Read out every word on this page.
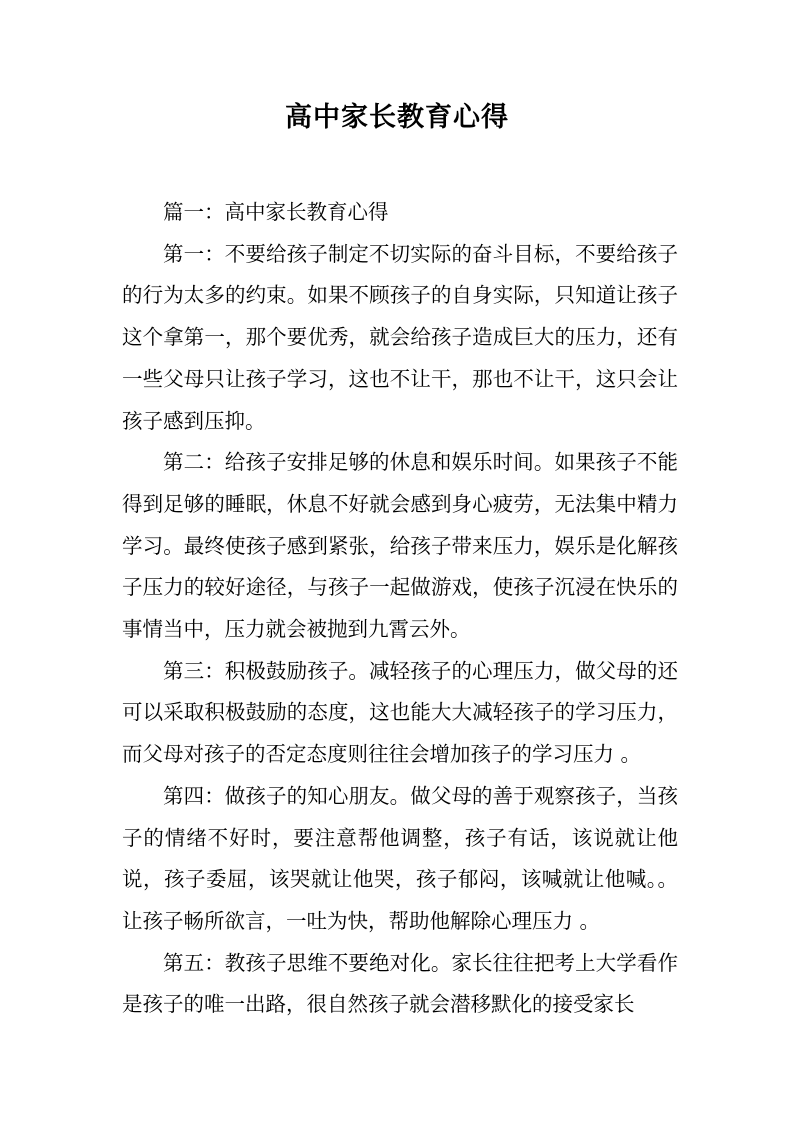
高中家长教育心得

篇一：高中家长教育心得

第一：不要给孩子制定不切实际的奋斗目标，不要给孩子的行为太多的约束。如果不顾孩子的自身实际，只知道让孩子这个拿第一，那个要优秀，就会给孩子造成巨大的压力，还有一些父母只让孩子学习，这也不让干，那也不让干，这只会让孩子感到压抑。

第二：给孩子安排足够的休息和娱乐时间。如果孩子不能得到足够的睡眠，休息不好就会感到身心疲劳，无法集中精力学习。最终使孩子感到紧张，给孩子带来压力，娱乐是化解孩子压力的较好途径，与孩子一起做游戏，使孩子沉浸在快乐的事情当中，压力就会被抛到九霄云外。

第三：积极鼓励孩子。减轻孩子的心理压力，做父母的还可以采取积极鼓励的态度，这也能大大减轻孩子的学习压力，而父母对孩子的否定态度则往往会增加孩子的学习压力 。

第四：做孩子的知心朋友。做父母的善于观察孩子，当孩子的情绪不好时，要注意帮他调整，孩子有话，该说就让他说，孩子委屈，该哭就让他哭，孩子郁闷，该喊就让他喊。。让孩子畅所欲言，一吐为快，帮助他解除心理压力 。

第五：教孩子思维不要绝对化。家长往往把考上大学看作是孩子的唯一出路，很自然孩子就会潜移默化的接受家长
